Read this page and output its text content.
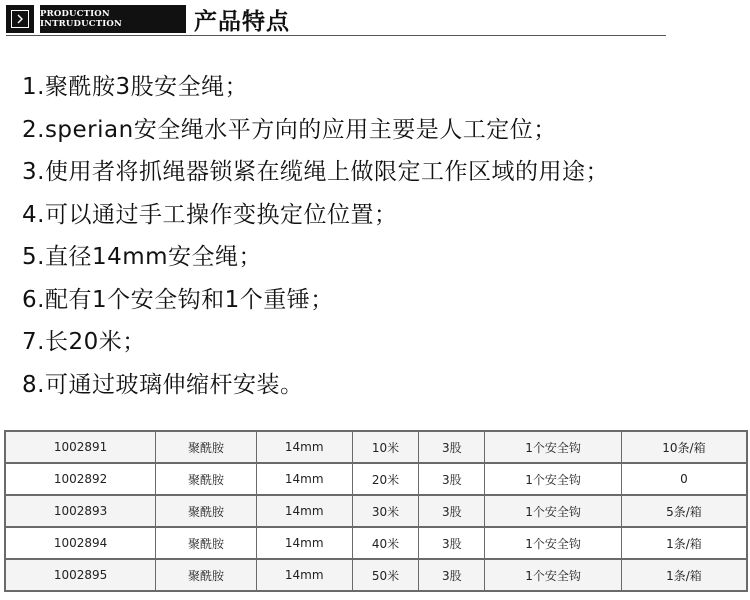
PRODUCTION INTRUDUCTION	产品特点
1.聚酰胺3股安全绳；
2.sperian安全绳水平方向的应用主要是人工定位；
3.使用者将抓绳器锁紧在缆绳上做限定工作区域的用途；
4.可以通过手工操作变换定位位置；
5.直径14mm安全绳；
6.配有1个安全钩和1个重锤；
7.长20米；
8.可通过玻璃伸缩杆安装。
1002891	聚酰胺	14mm	10米	3股	1个安全钩	10条/箱
1002892	聚酰胺	14mm	20米	3股	1个安全钩	0
1002893	聚酰胺	14mm	30米	3股	1个安全钩	5条/箱
1002894	聚酰胺	14mm	40米	3股	1个安全钩	1条/箱
1002895	聚酰胺	14mm	50米	3股	1个安全钩	1条/箱
